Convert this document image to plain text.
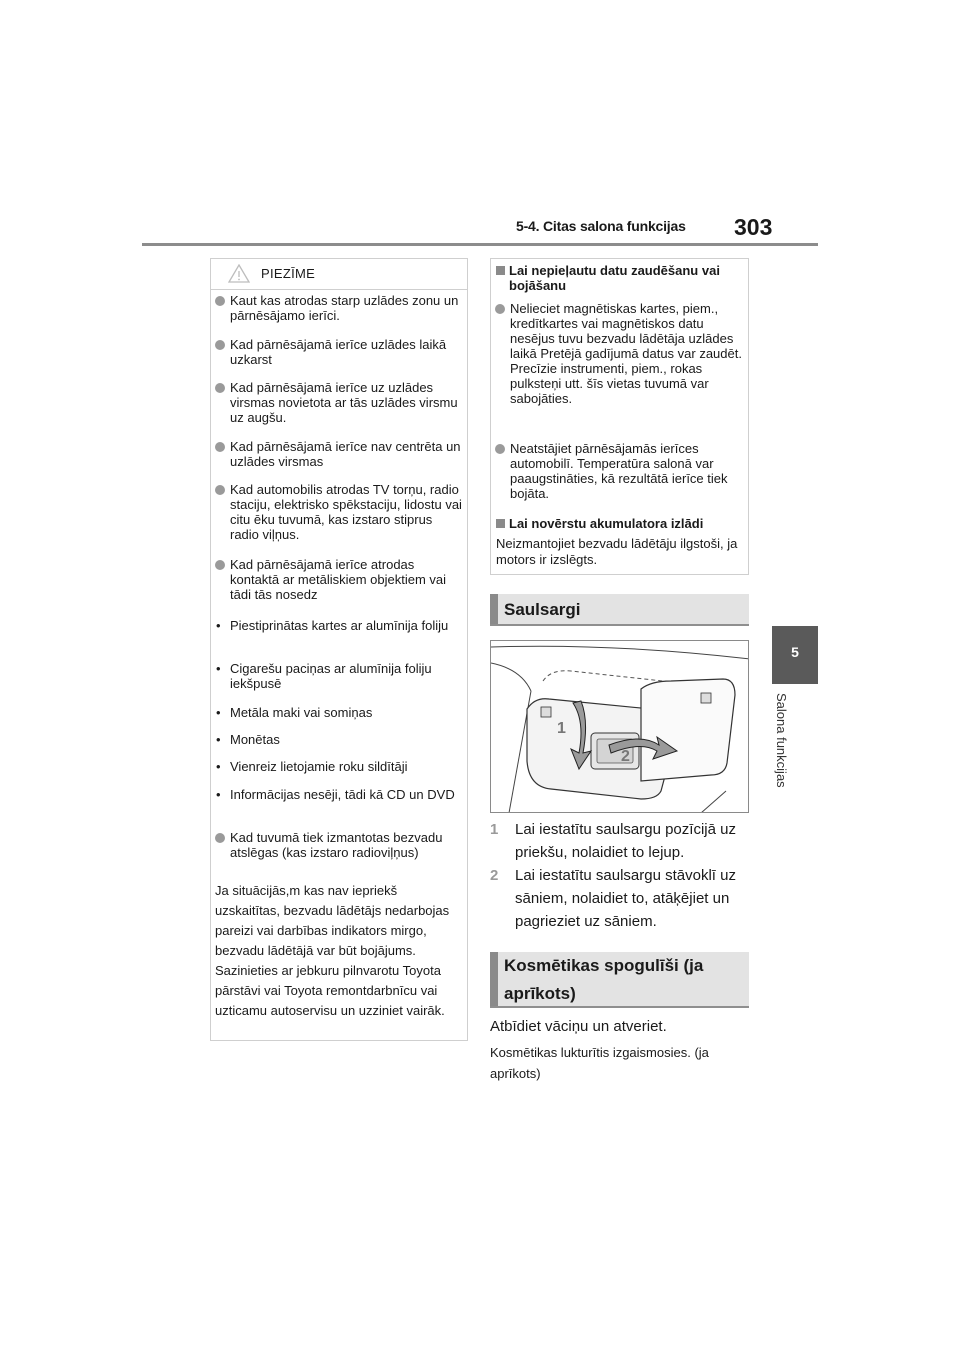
5-4. Citas salona funkcijas 303
5
Salona funkcijas
PIEZĪME
Kaut kas atrodas starp uzlādes zonu un pārnēsājamo ierīci.
Kad pārnēsājamā ierīce uzlādes laikā uzkarst
Kad pārnēsājamā ierīce uz uzlādes virsmas novietota ar tās uzlādes virsmu uz augšu.
Kad pārnēsājamā ierīce nav centrēta un uzlādes virsmas
Kad automobilis atrodas TV torņu, radio staciju, elektrisko spēkstaciju, lidostu vai citu ēku tuvumā, kas izstaro stiprus radio viļņus.
Kad pārnēsājamā ierīce atrodas kontaktā ar metāliskiem objektiem vai tādi tās nosedz
• Piestiprinātas kartes ar alumīnija foliju
• Cigarešu paciņas ar alumīnija foliju iekšpusē
• Metāla maki vai somiņas
• Monētas
• Vienreiz lietojamie roku sildītāji
• Informācijas nesēji, tādi kā CD un DVD
Kad tuvumā tiek izmantotas bezvadu atslēgas (kas izstaro radioviļņus)
Ja situācijās,m kas nav iepriekš uzskaitītas, bezvadu lādētājs nedarbojas pareizi vai darbības indikators mirgo, bezvadu lādētājā var būt bojājums. Sazinieties ar jebkuru pilnvarotu Toyota pārstāvi vai Toyota remontdarbnīcu vai uzticamu autoservisu un uzziniet vairāk.
Lai nepieļautu datu zaudēšanu vai bojāšanu
Nelieciet magnētiskas kartes, piem., kredītkartes vai magnētiskos datu nesējus tuvu bezvadu lādētāja uzlādes laikā Pretējā gadījumā datus var zaudēt.
Precīzie instrumenti, piem., rokas pulksteņi utt. šīs vietas tuvumā var sabojāties.
Neatstājiet pārnēsājamās ierīces automobilī. Temperatūra salonā var paaugstināties, kā rezultātā ierīce tiek bojāta.
Lai novērstu akumulatora izlādi
Neizmantojiet bezvadu lādētāju ilgstoši, ja motors ir izslēgts.
Saulsargi
1
2
1 Lai iestatītu saulsargu pozīcijā uz priekšu, nolaidiet to lejup.
2 Lai iestatītu saulsargu stāvoklī uz sāniem, nolaidiet to, atāķējiet un pagrieziet uz sāniem.
Kosmētikas spogulīši (ja aprīkots)
Atbīdiet vāciņu un atveriet.
Kosmētikas lukturītis izgaismosies. (ja aprīkots)
